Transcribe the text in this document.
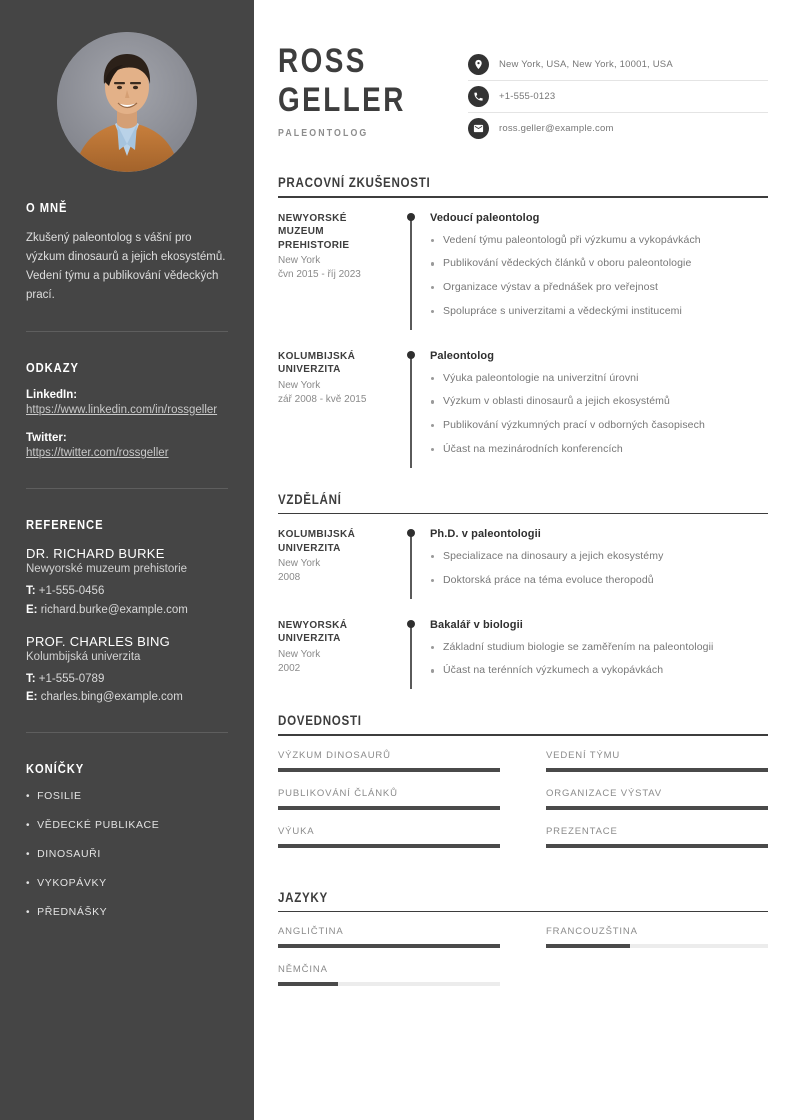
O MNĚ

Zkušený paleontolog s vášní pro výzkum dinosaurů a jejich ekosystémů. Vedení týmu a publikování vědeckých prací.

ODKAZY
LinkedIn:
https://www.linkedin.com/in/rossgeller
Twitter:
https://twitter.com/rossgeller
REFERENCE
DR. RICHARD BURKE
Newyorské muzeum prehistorie
T: +1-555-0456
E: richard.burke@example.com
PROF. CHARLES BING
Kolumbijská univerzita
T: +1-555-0789
E: charles.bing@example.com
KONÍČKY
• FOSILIE
• VĚDECKÉ PUBLIKACE
• DINOSAUŘI
• VYKOPÁVKY
• PŘEDNÁŠKY
ROSS
GELLER
PALEONTOLOG
New York, USA, New York, 10001, USA
+1-555-0123
ross.geller@example.com
PRACOVNÍ ZKUŠENOSTI
NEWYORSKÉ MUZEUM PREHISTORIE
New York
čvn 2015 - říj 2023
Vedoucí paleontolog
Vedení týmu paleontologů při výzkumu a vykopávkách
Publikování vědeckých článků v oboru paleontologie
Organizace výstav a přednášek pro veřejnost
Spolupráce s univerzitami a vědeckými institucemi
KOLUMBIJSKÁ UNIVERZITA
New York
zář 2008 - kvě 2015
Paleontolog
Výuka paleontologie na univerzitní úrovni
Výzkum v oblasti dinosaurů a jejich ekosystémů
Publikování výzkumných prací v odborných časopisech
Účast na mezinárodních konferencích
VZDĚLÁNÍ
KOLUMBIJSKÁ UNIVERZITA
New York
2008
Ph.D. v paleontologii
Specializace na dinosaury a jejich ekosystémy
Doktorská práce na téma evoluce theropodů
NEWYORSKÁ UNIVERZITA
New York
2002
Bakalář v biologii
Základní studium biologie se zaměřením na paleontologii
Účast na terénních výzkumech a vykopávkách
DOVEDNOSTI
VÝZKUM DINOSAURŮ	VEDENÍ TÝMU
PUBLIKOVÁNÍ ČLÁNKŮ	ORGANIZACE VÝSTAV
VÝUKA	PREZENTACE
JAZYKY
ANGLIČTINA	FRANCOUZŠTINA
NĚMČINA
